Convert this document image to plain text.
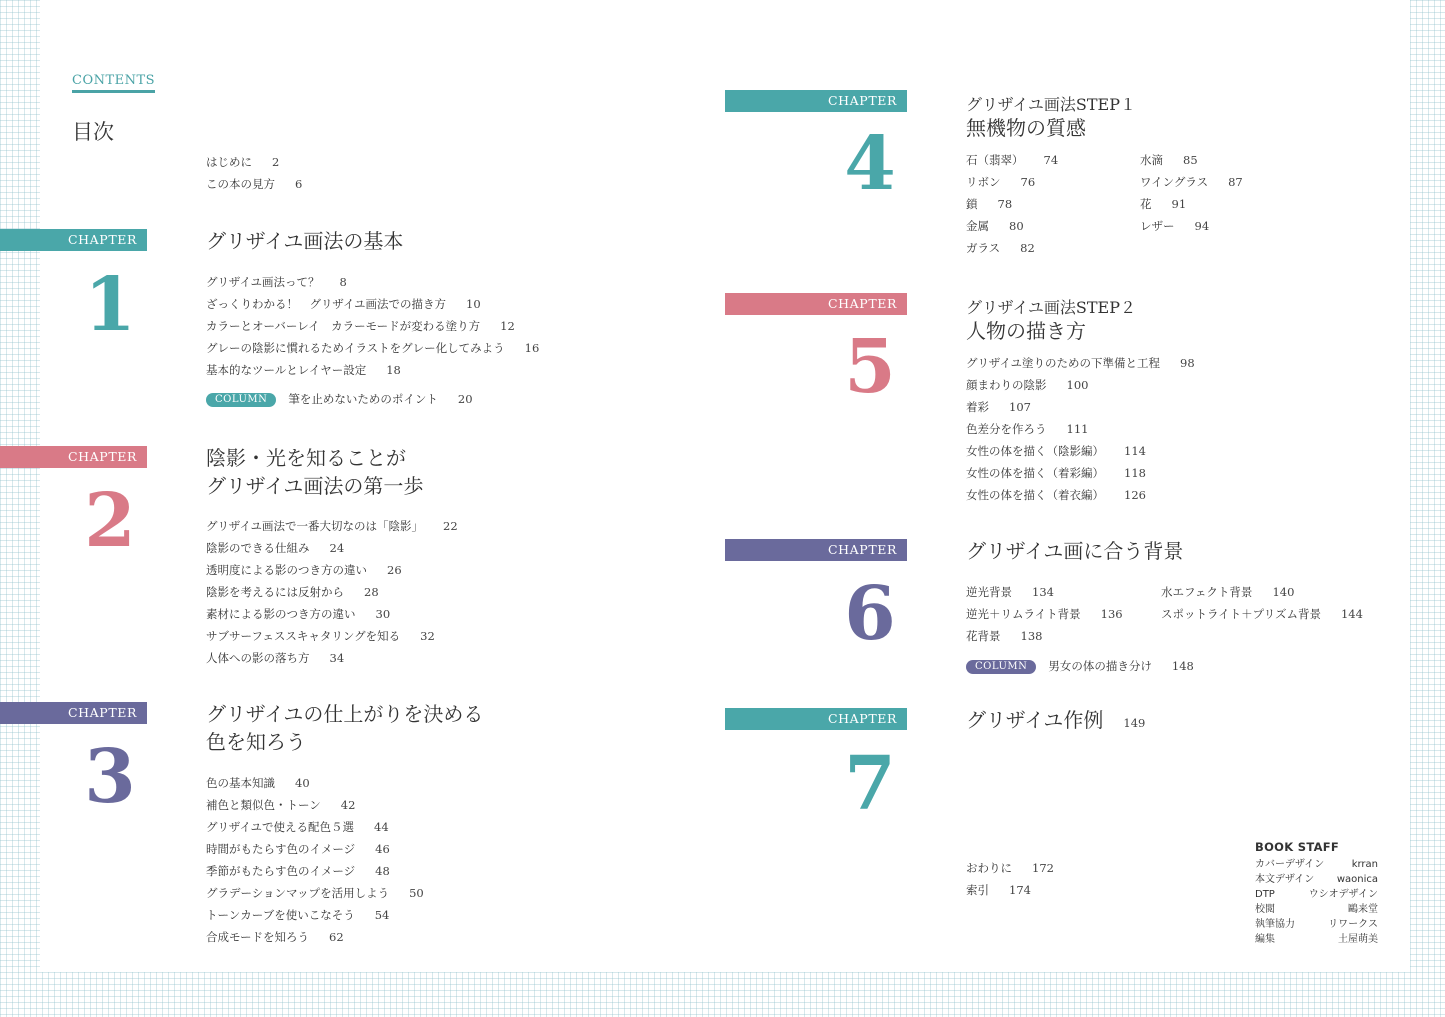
CONTENTS
目次
はじめに 2
この本の見方 6
CHAPTER
1
グリザイユ画法の基本
グリザイユ画法って？ 8
ざっくりわかる！　グリザイユ画法での描き方 10
カラーとオーバーレイ　カラーモードが変わる塗り方 12
グレーの陰影に慣れるためイラストをグレー化してみよう 16
基本的なツールとレイヤー設定 18
COLUMN 筆を止めないためのポイント 20
CHAPTER
2
陰影・光を知ることが
グリザイユ画法の第一歩
グリザイユ画法で一番大切なのは「陰影」 22
陰影のできる仕組み 24
透明度による影のつき方の違い 26
陰影を考えるには反射から 28
素材による影のつき方の違い 30
サブサーフェススキャタリングを知る 32
人体への影の落ち方 34
CHAPTER
3
グリザイユの仕上がりを決める
色を知ろう
色の基本知識 40
補色と類似色・トーン 42
グリザイユで使える配色５選 44
時間がもたらす色のイメージ 46
季節がもたらす色のイメージ 48
グラデーションマップを活用しよう 50
トーンカーブを使いこなそう 54
合成モードを知ろう 62
CHAPTER
4
グリザイユ画法STEP１
無機物の質感
石（翡翠） 74
リボン 76
鎖 78
金属 80
ガラス 82
水滴 85
ワイングラス 87
花 91
レザー 94
CHAPTER
5
グリザイユ画法STEP２
人物の描き方
グリザイユ塗りのための下準備と工程 98
顔まわりの陰影 100
着彩 107
色差分を作ろう 111
女性の体を描く（陰影編） 114
女性の体を描く（着彩編） 118
女性の体を描く（着衣編） 126
CHAPTER
6
グリザイユ画に合う背景
逆光背景 134
逆光＋リムライト背景 136
花背景 138
水エフェクト背景 140
スポットライト＋プリズム背景 144
COLUMN 男女の体の描き分け 148
CHAPTER
7
グリザイユ作例 149
おわりに 172
索引 174
BOOK STAFF
カバーデザイン	krran
本文デザイン waonica
DTP	ウシオデザイン
校閲	鷗来堂
執筆協力	リワークス
編集	土屋萌美
